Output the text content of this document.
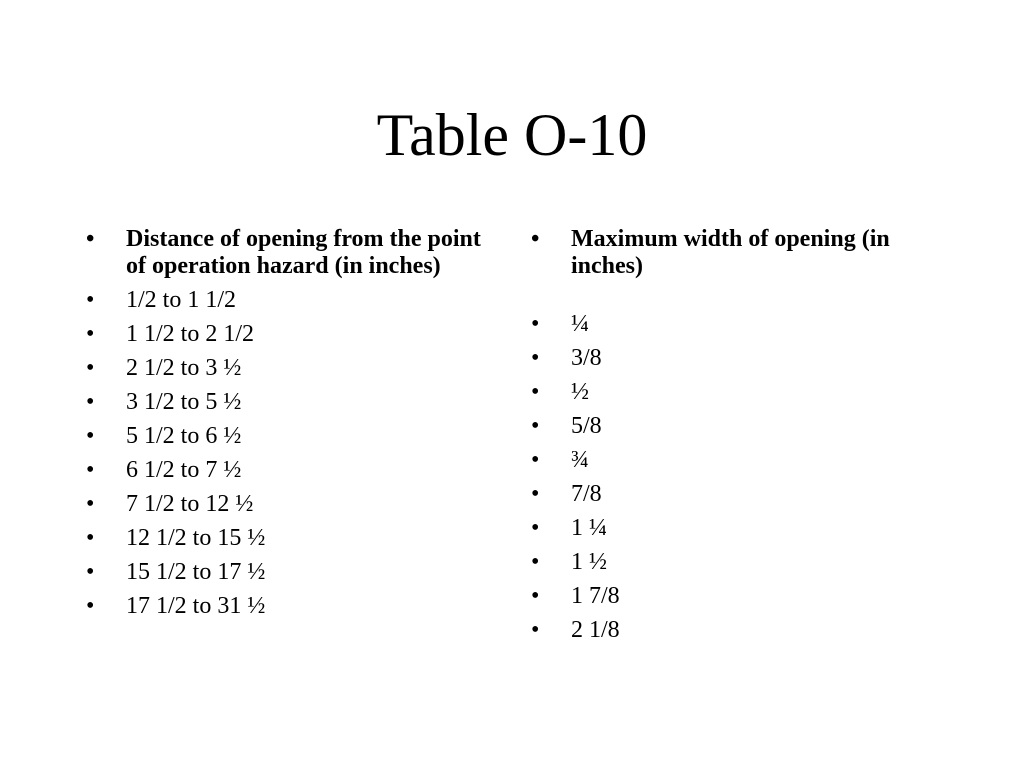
Table O-10
• Distance of opening from the point of operation hazard (in inches)
• 1/2 to 1 1/2
• 1 1/2 to 2 1/2
• 2 1/2 to 3 ½
• 3 1/2 to 5 ½
• 5 1/2 to 6 ½
• 6 1/2 to 7 ½
• 7 1/2 to 12 ½
• 12 1/2 to 15 ½
• 15 1/2 to 17 ½
• 17 1/2 to 31 ½
• Maximum width of opening (in inches)
• ¼
• 3/8
• ½
• 5/8
• ¾
• 7/8
• 1 ¼
• 1 ½
• 1 7/8
• 2 1/8
